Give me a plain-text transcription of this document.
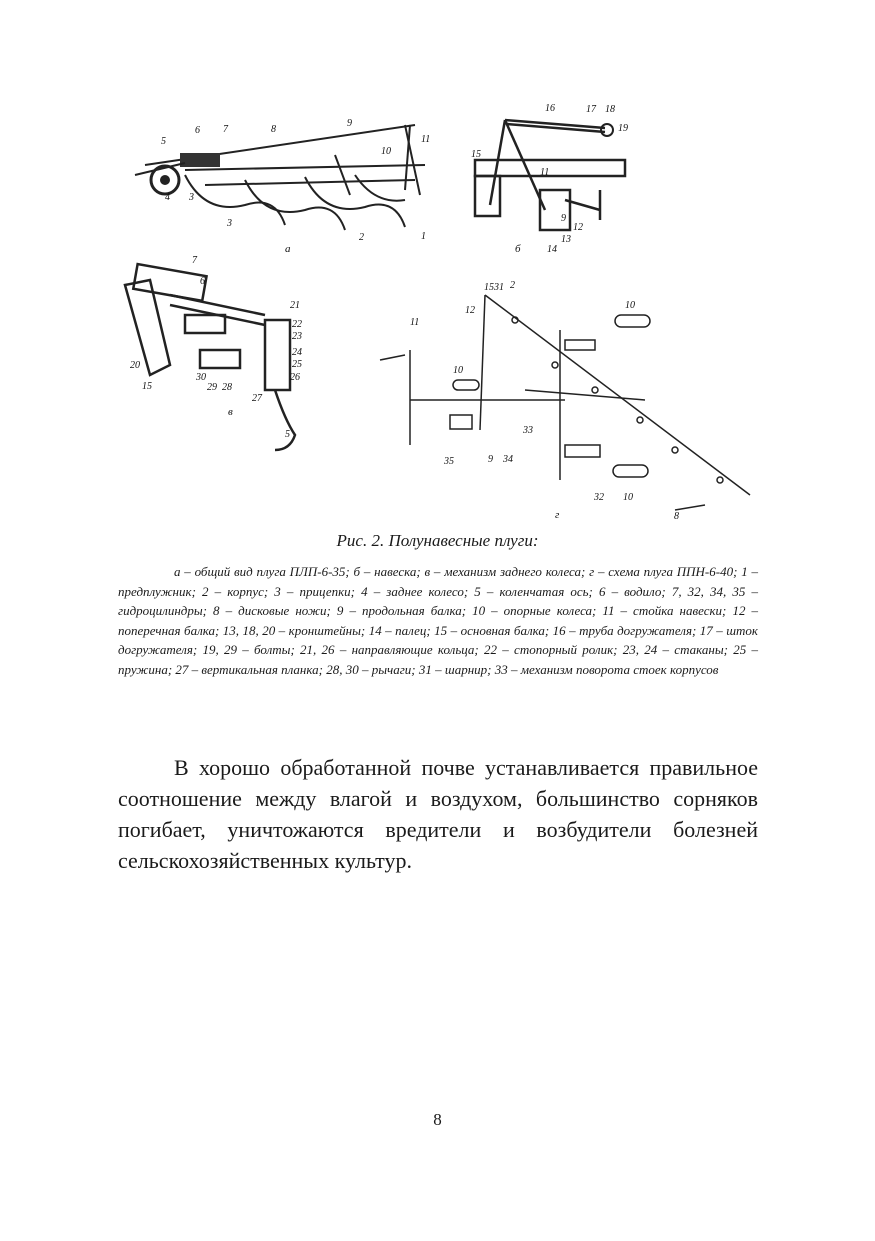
1
2
3
3
4
5
6 7	8
9
10
11
а
9
11
12
13
14
15
16	17 18
19
б
5
6
7
15
20
21
22
23
24
25
26
27
28
29
30
в
2
8
9
10
10
10
11
12
15 31
32
33
34
35
г
Рис. 2. Полунавесные плуги:
а – общий вид плуга ПЛП-6-35; б – навеска; в – механизм заднего колеса; г – схема плуга ППН-6-40; 1 – предплужник; 2 – корпус; 3 – прицепки; 4 – заднее колесо; 5 – коленчатая ось; 6 – водило; 7, 32, 34, 35 – гидроцилиндры; 8 – дисковые ножи; 9 – продольная балка; 10 – опорные колеса; 11 – стойка навески; 12 – поперечная балка; 13, 18, 20 – кронштейны; 14 – палец; 15 – основная балка; 16 – труба догружателя; 17 – шток догружателя; 19, 29 – болты; 21, 26 – направляющие кольца; 22 – стопорный ролик; 23, 24 – стаканы; 25 – пружина; 27 – вертикальная планка; 28, 30 – рычаги; 31 – шарнир; 33 – механизм поворота стоек корпусов
В хорошо обработанной почве устанавливается правильное соотношение между влагой и воздухом, большинство сорняков погибает, уничтожаются вредители и возбудители болезней сельскохозяйственных культур.
8
